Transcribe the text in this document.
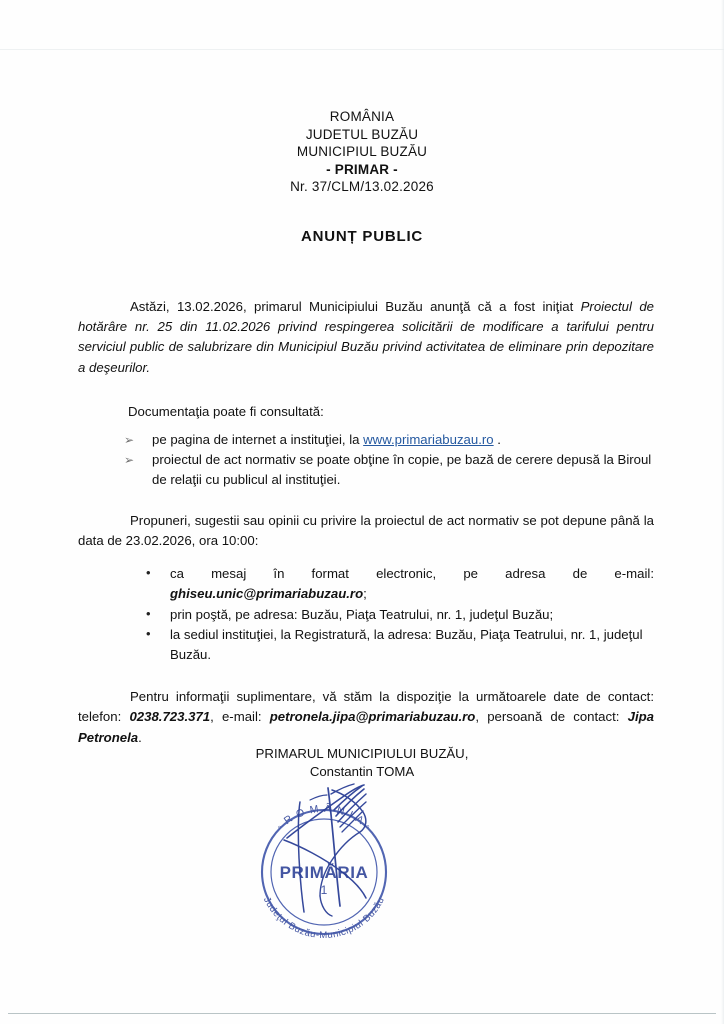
ROMÂNIA
JUDETUL BUZĂU
MUNICIPIUL BUZĂU
- PRIMAR -
Nr. 37/CLM/13.02.2026
ANUNȚ PUBLIC

Astăzi, 13.02.2026, primarul Municipiului Buzău anunţă că a fost iniţiat Proiectul de hotărâre nr. 25 din 11.02.2026 privind respingerea solicitării de modificare a tarifului pentru serviciul public de salubrizare din Municipiul Buzău privind activitatea de eliminare prin depozitare a deşeurilor.

Documentaţia poate fi consultată:
➢ pe pagina de internet a instituţiei, la www.primariabuzau.ro .
➢ proiectul de act normativ se poate obţine în copie, pe bază de cerere depusă la Biroul de relaţii cu publicul al instituţiei.

Propuneri, sugestii sau opinii cu privire la proiectul de act normativ se pot depune până la data de 23.02.2026, ora 10:00:

• ca mesaj în format electronic, pe adresa de e-mail:
ghiseu.unic@primariabuzau.ro;
• prin poştă, pe adresa: Buzău, Piaţa Teatrului, nr. 1, judeţul Buzău;
• la sediul instituţiei, la Registratură, la adresa: Buzău, Piaţa Teatrului, nr. 1, judeţul Buzău.

Pentru informaţii suplimentare, vă stăm la dispoziţie la următoarele date de contact: telefon: 0238.723.371, e-mail: petronela.jipa@primariabuzau.ro, persoană de contact: Jipa Petronela.

PRIMARUL MUNICIPIULUI BUZĂU,
Constantin TOMA
◦ R O M Â N I A ◦
Judeţul Buzău-Municipiul Buzău
PRIMĂRIA
1
